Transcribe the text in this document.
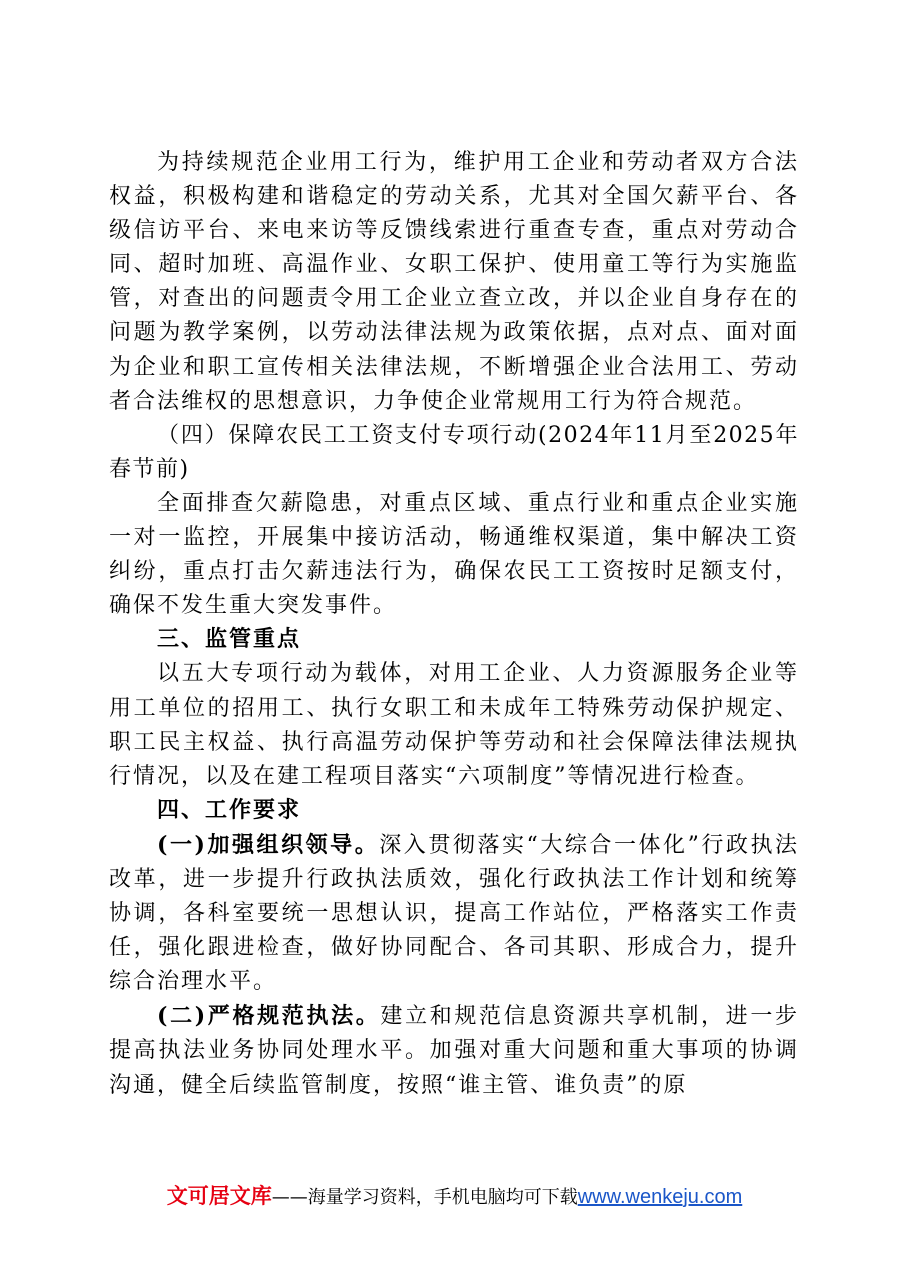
为持续规范企业用工行为，维护用工企业和劳动者双方合法权益，积极构建和谐稳定的劳动关系，尤其对全国欠薪平台、各级信访平台、来电来访等反馈线索进行重查专查，重点对劳动合同、超时加班、高温作业、女职工保护、使用童工等行为实施监管，对查出的问题责令用工企业立查立改，并以企业自身存在的问题为教学案例，以劳动法律法规为政策依据，点对点、面对面为企业和职工宣传相关法律法规，不断增强企业合法用工、劳动者合法维权的思想意识，力争使企业常规用工行为符合规范。

（四）保障农民工工资支付专项行动(2024年11月至2025年春节前)

全面排查欠薪隐患，对重点区域、重点行业和重点企业实施一对一监控，开展集中接访活动，畅通维权渠道，集中解决工资纠纷，重点打击欠薪违法行为，确保农民工工资按时足额支付，确保不发生重大突发事件。

三、监管重点

以五大专项行动为载体，对用工企业、人力资源服务企业等用工单位的招用工、执行女职工和未成年工特殊劳动保护规定、职工民主权益、执行高温劳动保护等劳动和社会保障法律法规执行情况，以及在建工程项目落实“六项制度”等情况进行检查。

四、工作要求

(一)加强组织领导。深入贯彻落实“大综合一体化”行政执法改革，进一步提升行政执法质效，强化行政执法工作计划和统筹协调，各科室要统一思想认识，提高工作站位，严格落实工作责任，强化跟进检查，做好协同配合、各司其职、形成合力，提升综合治理水平。

(二)严格规范执法。建立和规范信息资源共享机制，进一步提高执法业务协同处理水平。加强对重大问题和重大事项的协调沟通，健全后续监管制度，按照“谁主管、谁负责”的原

文可居文库——海量学习资料，手机电脑均可下载www.wenkeju.com
